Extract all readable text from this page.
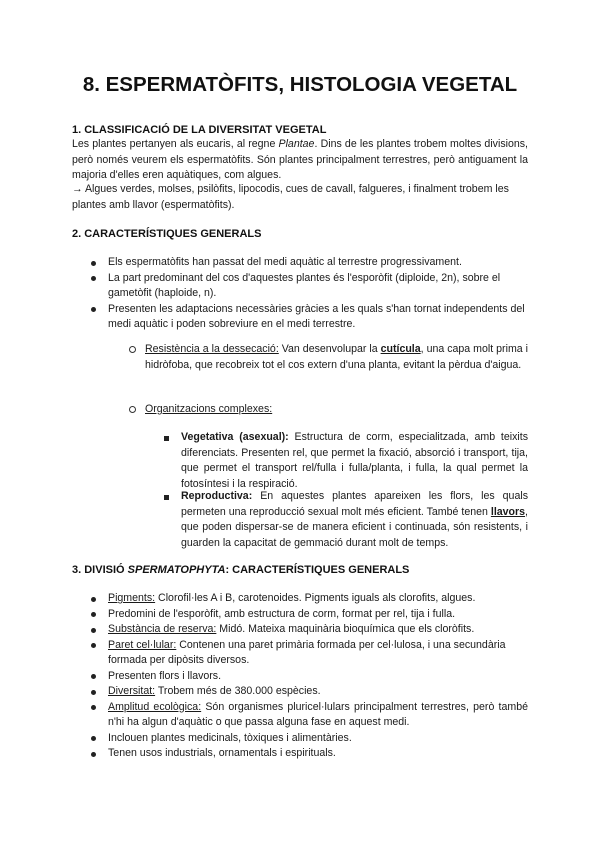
8. ESPERMATÒFITS, HISTOLOGIA VEGETAL
1. CLASSIFICACIÓ DE LA DIVERSITAT VEGETAL

Les plantes pertanyen als eucaris, al regne Plantae. Dins de les plantes trobem moltes divisions, però només veurem els espermatòfits. Són plantes principalment terrestres, però antiguament la majoria d'elles eren aquàtiques, com algues.

→ Algues verdes, molses, psilòfits, lipocodis, cues de cavall, falgueres, i finalment trobem les plantes amb llavor (espermatòfits).

2. CARACTERÍSTIQUES GENERALS
Els espermatòfits han passat del medi aquàtic al terrestre progressivament.
La part predominant del cos d'aquestes plantes és l'esporòfit (diploide, 2n), sobre el gametòfit (haploide, n).
Presenten les adaptacions necessàries gràcies a les quals s'han tornat independents del medi aquàtic i poden sobreviure en el medi terrestre.

Resistència a la dessecació: Van desenvolupar la cutícula, una capa molt prima i hidròfoba, que recobreix tot el cos extern d'una planta, evitant la pèrdua d'aigua.

Organitzacions complexes:

Vegetativa (asexual): Estructura de corm, especialitzada, amb teixits diferenciats. Presenten rel, que permet la fixació, absorció i transport, tija, que permet el transport rel/fulla i fulla/planta, i fulla, la qual permet la fotosíntesi i la respiració.

Reproductiva: En aquestes plantes apareixen les flors, les quals permeten una reproducció sexual molt més eficient. També tenen llavors, que poden dispersar-se de manera eficient i continuada, són resistents, i guarden la capacitat de gemmació durant molt de temps.

3. DIVISIÓ SPERMATOPHYTA: CARACTERÍSTIQUES GENERALS
Pigments: Clorofil·les A i B, carotenoides. Pigments iguals als clorofits, algues.
Predomini de l'esporòfit, amb estructura de corm, format per rel, tija i fulla.
Substància de reserva: Midó. Mateixa maquinària bioquímica que els cloròfits.
Paret cel·lular: Contenen una paret primària formada per cel·lulosa, i una secundària formada per dipòsits diversos.
Presenten flors i llavors.
Diversitat: Trobem més de 380.000 espècies.
Amplitud ecològica: Són organismes pluricel·lulars principalment terrestres, però també n'hi ha algun d'aquàtic o que passa alguna fase en aquest medi.
Inclouen plantes medicinals, tòxiques i alimentàries.
Tenen usos industrials, ornamentals i espirituals.
